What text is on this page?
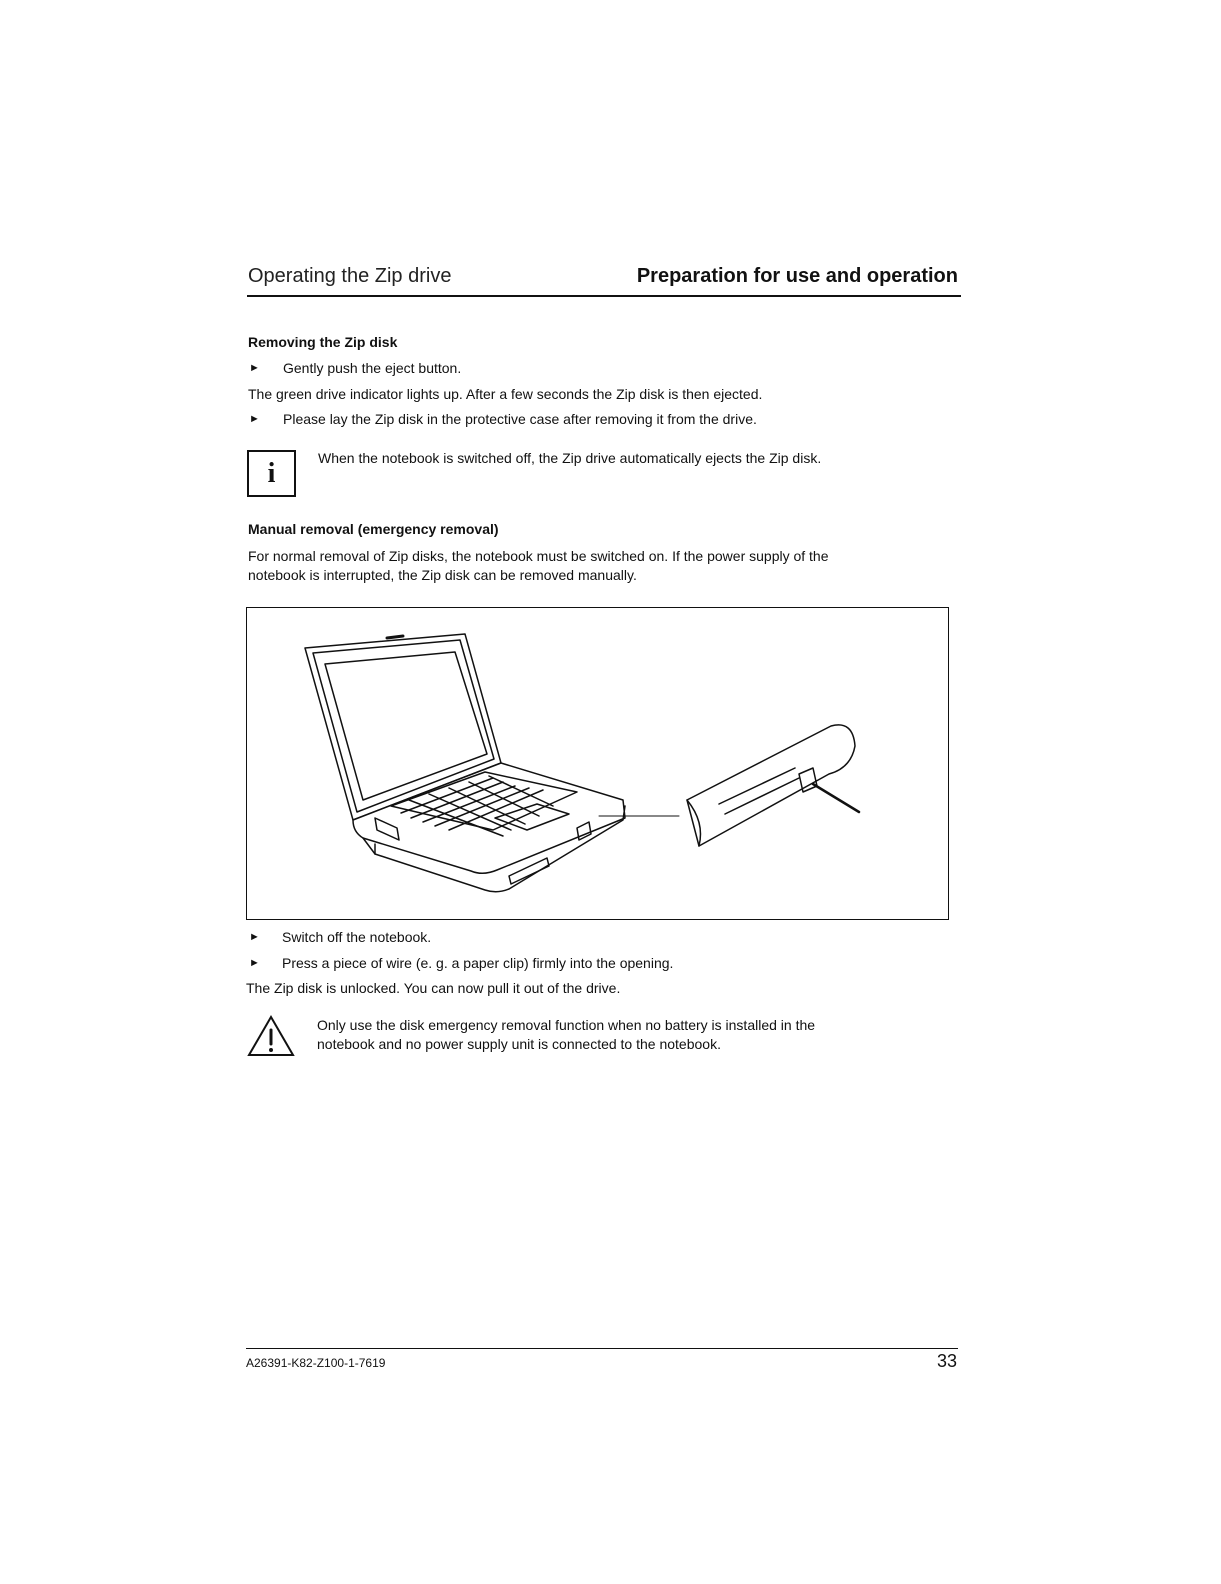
Operating the Zip drive	Preparation for use and operation
Removing the Zip disk
► Gently push the eject button.
The green drive indicator lights up. After a few seconds the Zip disk is then ejected.
► Please lay the Zip disk in the protective case after removing it from the drive.
i	When the notebook is switched off, the Zip drive automatically ejects the Zip disk.
Manual removal (emergency removal)
For normal removal of Zip disks, the notebook must be switched on. If the power supply of the
notebook is interrupted, the Zip disk can be removed manually.
► Switch off the notebook.
► Press a piece of wire (e. g. a paper clip) firmly into the opening.
The Zip disk is unlocked. You can now pull it out of the drive.
Only use the disk emergency removal function when no battery is installed in the
notebook and no power supply unit is connected to the notebook.
A26391-K82-Z100-1-7619	33
